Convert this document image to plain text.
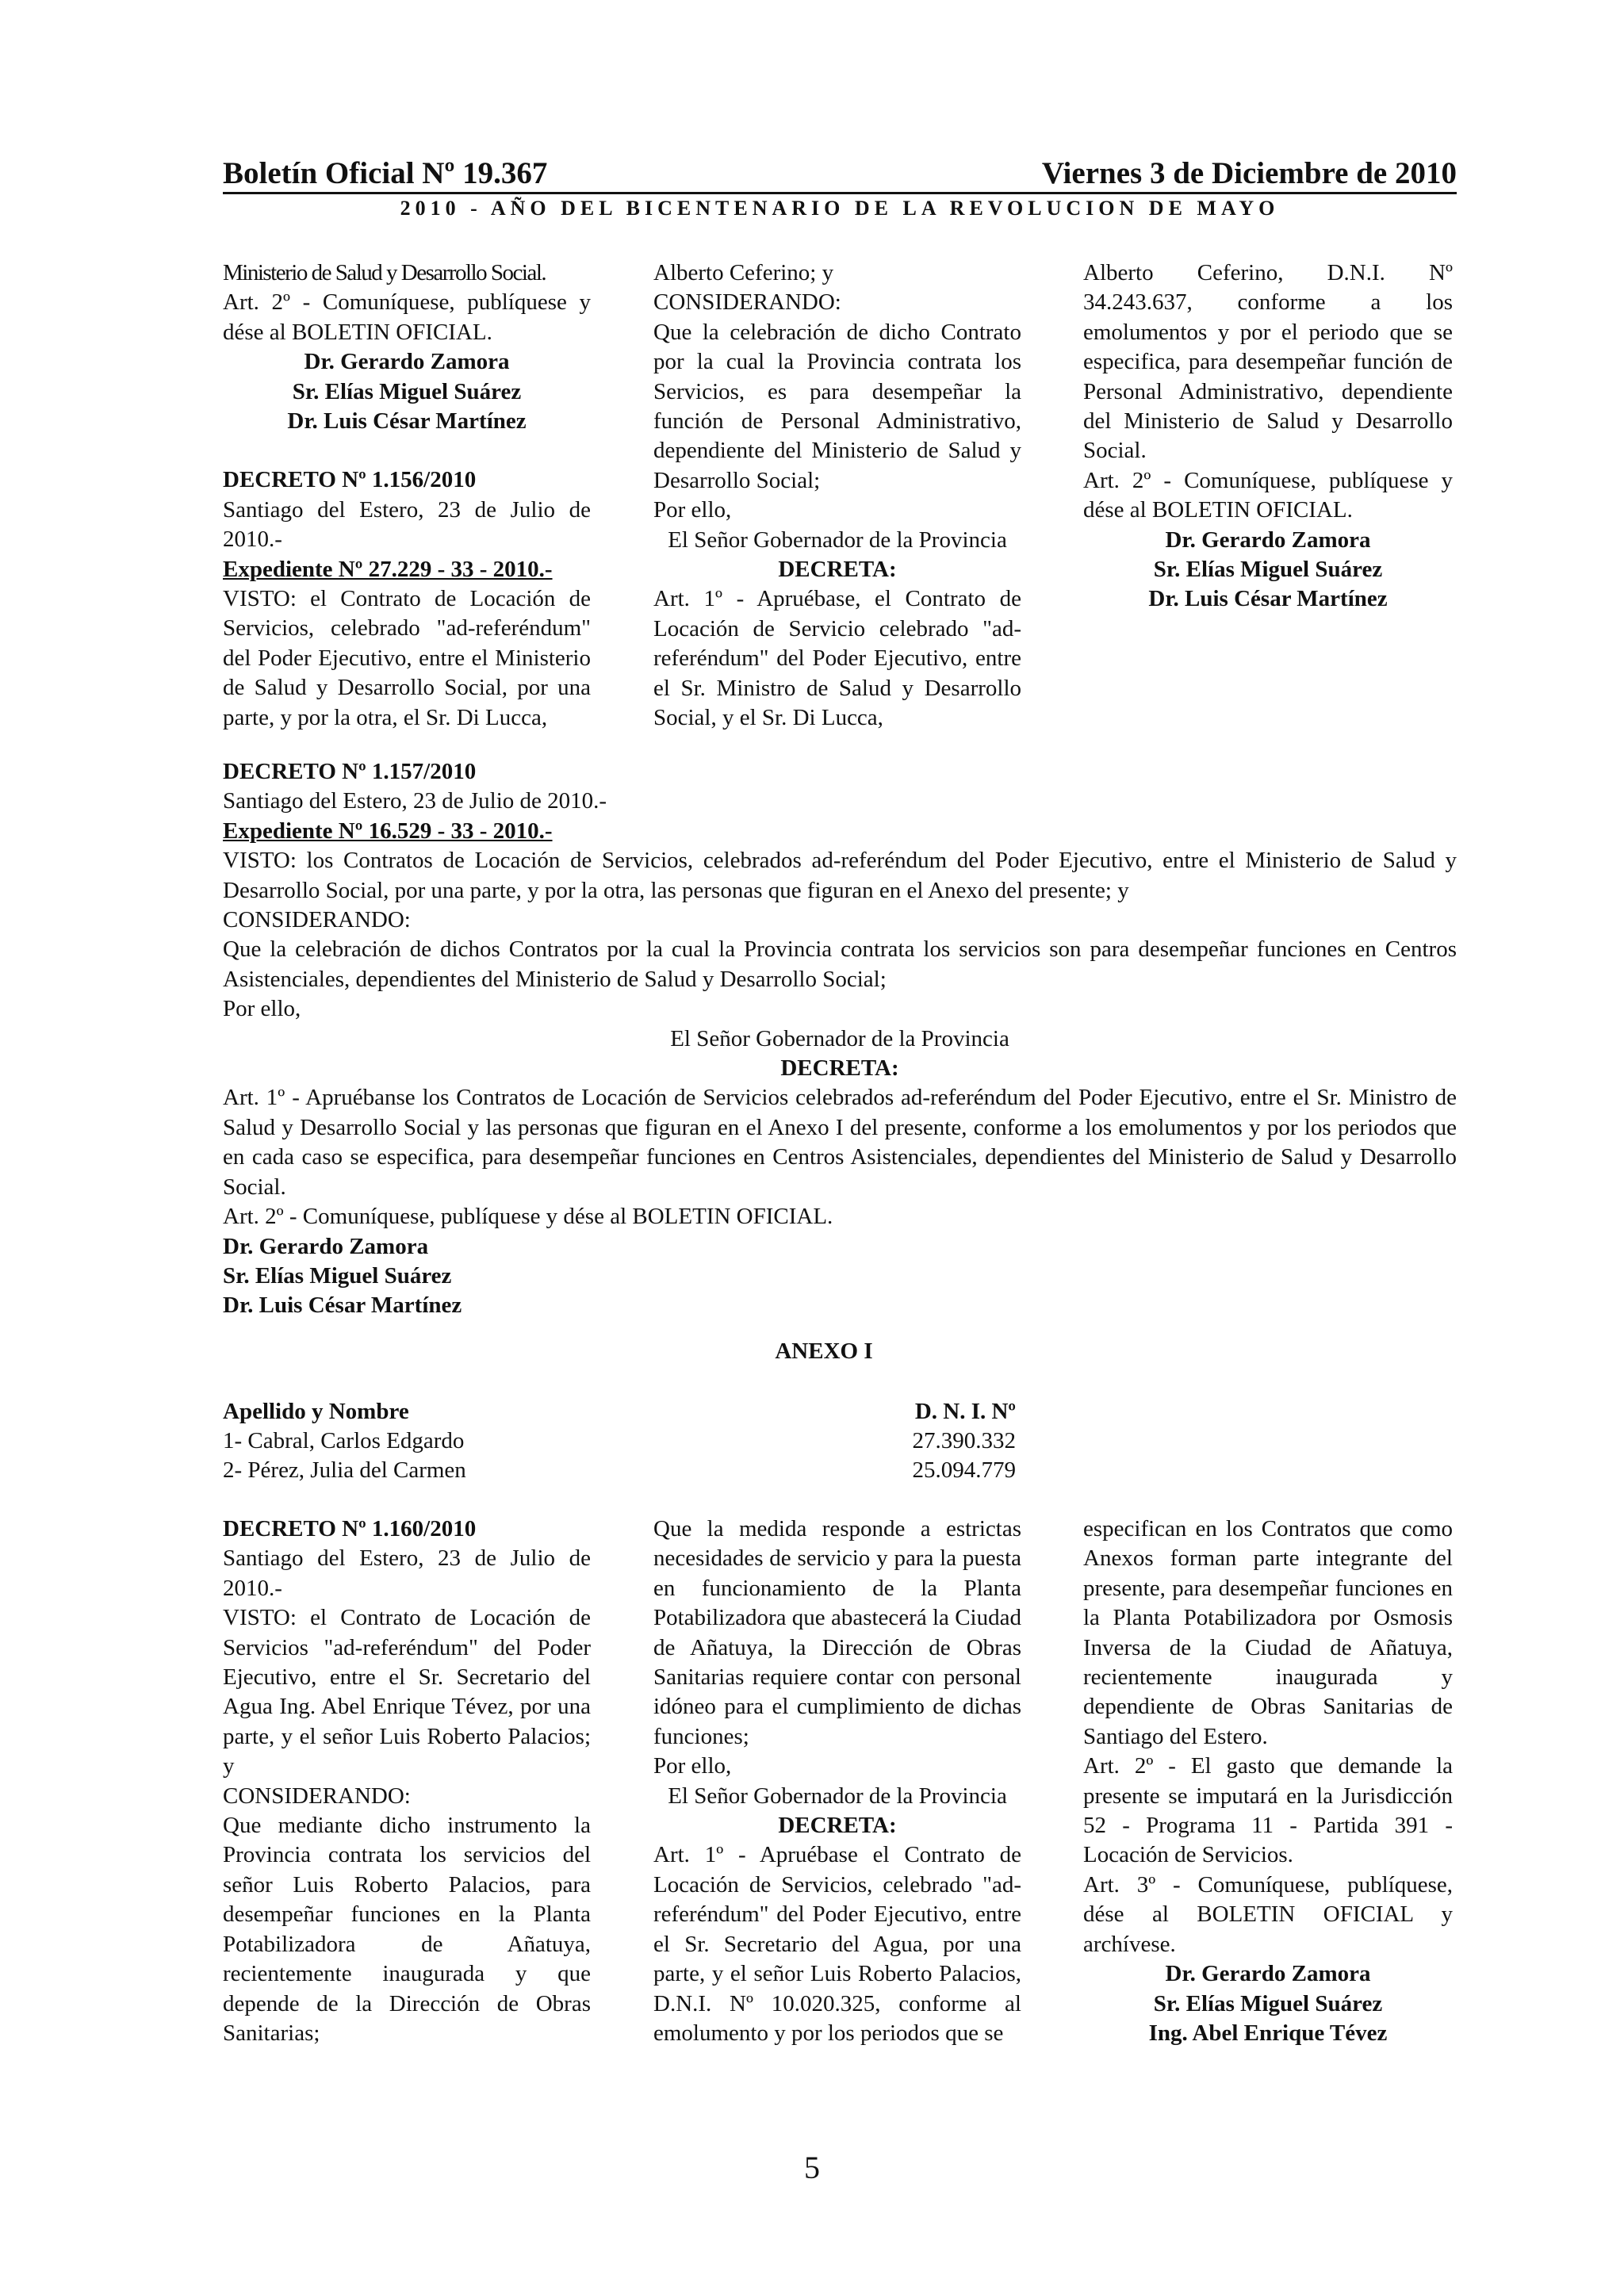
Boletín Oficial Nº 19.367	Viernes 3 de Diciembre de 2010
2010 - AÑO DEL BICENTENARIO DE LA REVOLUCION DE MAYO

Ministerio de Salud y Desarrollo Social.

Art. 2º - Comuníquese, publíquese y dése al BOLETIN OFICIAL.

Dr. Gerardo Zamora

Sr. Elías Miguel Suárez

Dr. Luis César Martínez

DECRETO Nº 1.156/2010

Santiago del Estero, 23 de Julio de 2010.-

Expediente Nº 27.229 - 33 - 2010.-

VISTO: el Contrato de Locación de Servicios, celebrado "ad-referéndum" del Poder Ejecutivo, entre el Ministerio de Salud y Desarrollo Social, por una parte, y por la otra, el Sr. Di Lucca,

Alberto Ceferino; y

CONSIDERANDO:

Que la celebración de dicho Contrato por la cual la Provincia contrata los Servicios, es para desempeñar la función de Personal Administrativo, dependiente del Ministerio de Salud y Desarrollo Social;

Por ello,

El Señor Gobernador de la Provincia

DECRETA:

Art. 1º - Apruébase, el Contrato de Locación de Servicio celebrado "ad-referéndum" del Poder Ejecutivo, entre el Sr. Ministro de Salud y Desarrollo Social, y el Sr. Di Lucca,

Alberto Ceferino, D.N.I. Nº 34.243.637, conforme a los emolumentos y por el periodo que se especifica, para desempeñar función de Personal Administrativo, dependiente del Ministerio de Salud y Desarrollo Social.

Art. 2º - Comuníquese, publíquese y dése al BOLETIN OFICIAL.

Dr. Gerardo Zamora

Sr. Elías Miguel Suárez

Dr. Luis César Martínez

DECRETO Nº 1.157/2010

Santiago del Estero, 23 de Julio de 2010.-

Expediente Nº 16.529 - 33 - 2010.-

VISTO: los Contratos de Locación de Servicios, celebrados ad-referéndum del Poder Ejecutivo, entre el Ministerio de Salud y Desarrollo Social, por una parte, y por la otra, las personas que figuran en el Anexo del presente; y

CONSIDERANDO:

Que la celebración de dichos Contratos por la cual la Provincia contrata los servicios son para desempeñar funciones en Centros Asistenciales, dependientes del Ministerio de Salud y Desarrollo Social;

Por ello,

El Señor Gobernador de la Provincia

DECRETA:

Art. 1º - Apruébanse los Contratos de Locación de Servicios celebrados ad-referéndum del Poder Ejecutivo, entre el Sr. Ministro de Salud y Desarrollo Social y las personas que figuran en el Anexo I del presente, conforme a los emolumentos y por los periodos que en cada caso se especifica, para desempeñar funciones en Centros Asistenciales, dependientes del Ministerio de Salud y Desarrollo Social.

Art. 2º - Comuníquese, publíquese y dése al BOLETIN OFICIAL.

Dr. Gerardo Zamora

Sr. Elías Miguel Suárez

Dr. Luis César Martínez

ANEXO I
Apellido y Nombre	D. N. I. Nº
1- Cabral, Carlos Edgardo	27.390.332
2- Pérez, Julia del Carmen	25.094.779

DECRETO Nº 1.160/2010

Santiago del Estero, 23 de Julio de 2010.-

VISTO: el Contrato de Locación de Servicios "ad-referéndum" del Poder Ejecutivo, entre el Sr. Secretario del Agua Ing. Abel Enrique Tévez, por una parte, y el señor Luis Roberto Palacios; y

CONSIDERANDO:

Que mediante dicho instrumento la Provincia contrata los servicios del señor Luis Roberto Palacios, para desempeñar funciones en la Planta Potabilizadora de Añatuya, recientemente inaugurada y que depende de la Dirección de Obras Sanitarias;

Que la medida responde a estrictas necesidades de servicio y para la puesta en funcionamiento de la Planta Potabilizadora que abastecerá la Ciudad de Añatuya, la Dirección de Obras Sanitarias requiere contar con personal idóneo para el cumplimiento de dichas funciones;

Por ello,

El Señor Gobernador de la Provincia

DECRETA:

Art. 1º - Apruébase el Contrato de Locación de Servicios, celebrado "ad-referéndum" del Poder Ejecutivo, entre el Sr. Secretario del Agua, por una parte, y el señor Luis Roberto Palacios, D.N.I. Nº 10.020.325, conforme al emolumento y por los periodos que se

especifican en los Contratos que como Anexos forman parte integrante del presente, para desempeñar funciones en la Planta Potabilizadora por Osmosis Inversa de la Ciudad de Añatuya, recientemente inaugurada y dependiente de Obras Sanitarias de Santiago del Estero.

Art. 2º - El gasto que demande la presente se imputará en la Jurisdicción 52 - Programa 11 - Partida 391 - Locación de Servicios.

Art. 3º - Comuníquese, publíquese, dése al BOLETIN OFICIAL y archívese.

Dr. Gerardo Zamora

Sr. Elías Miguel Suárez

Ing. Abel Enrique Tévez

5
